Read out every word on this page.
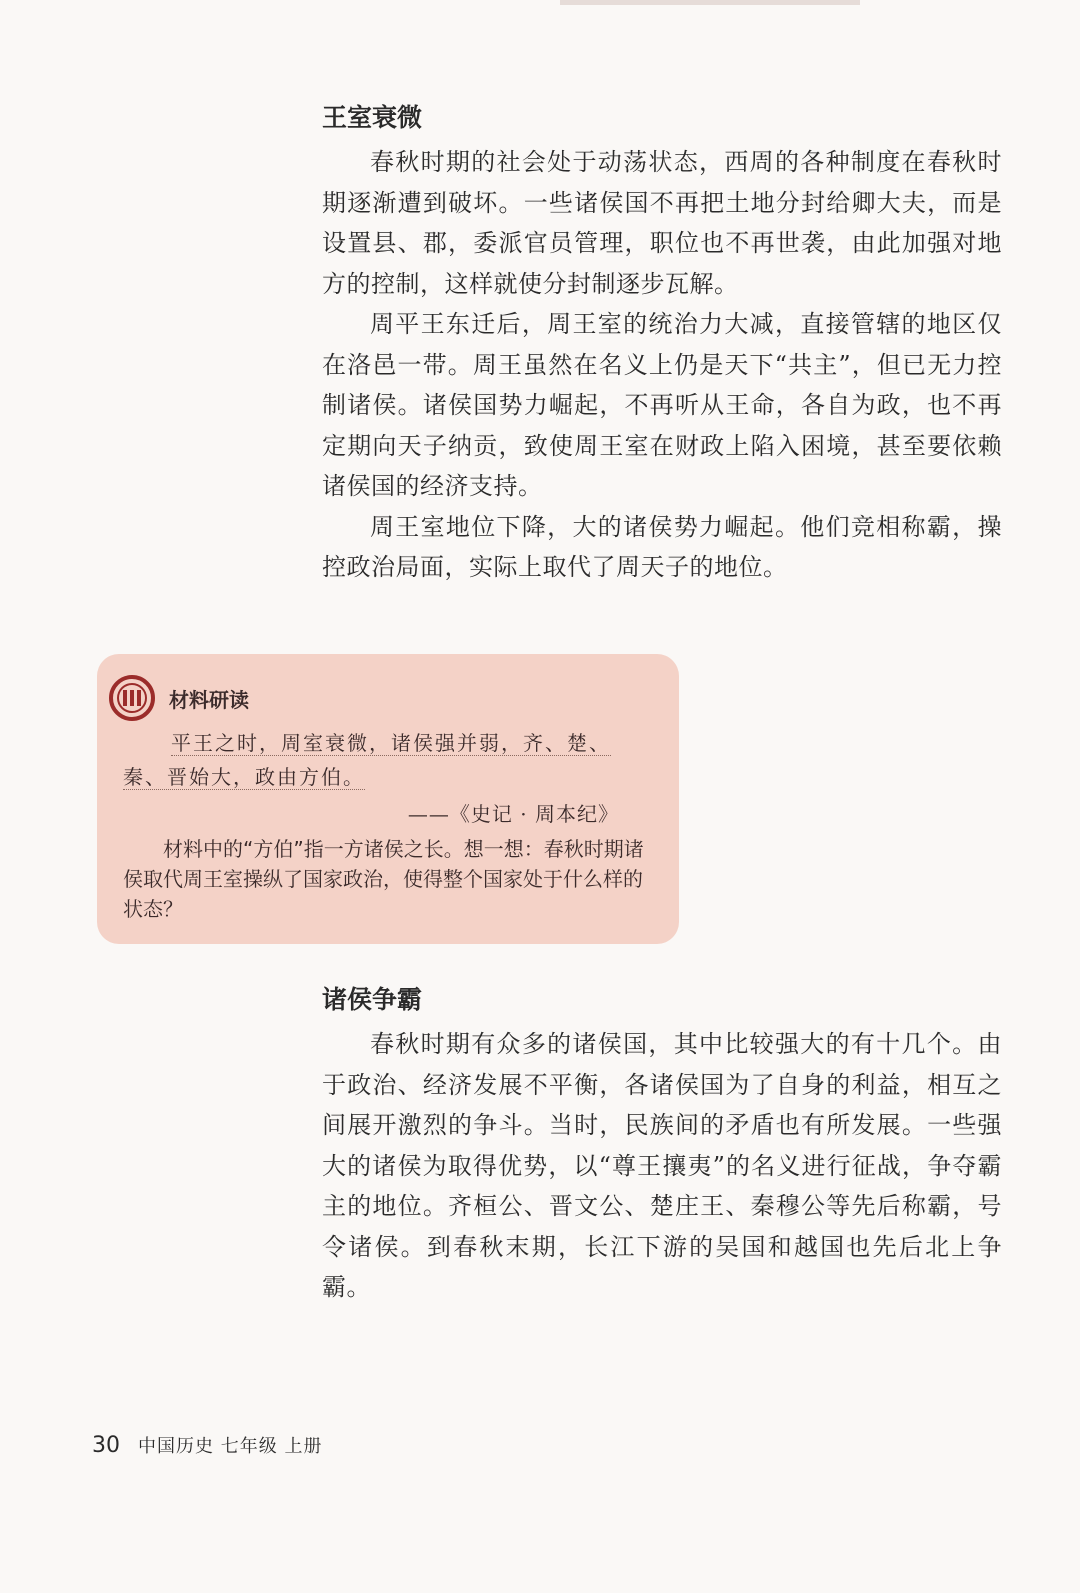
王室衰微

春秋时期的社会处于动荡状态，西周的各种制度在春秋时期逐渐遭到破坏。一些诸侯国不再把土地分封给卿大夫，而是设置县、郡，委派官员管理，职位也不再世袭，由此加强对地方的控制，这样就使分封制逐步瓦解。

周平王东迁后，周王室的统治力大减，直接管辖的地区仅在洛邑一带。周王虽然在名义上仍是天下“共主”，但已无力控制诸侯。诸侯国势力崛起，不再听从王命，各自为政，也不再定期向天子纳贡，致使周王室在财政上陷入困境，甚至要依赖诸侯国的经济支持。

周王室地位下降，大的诸侯势力崛起。他们竞相称霸，操控政治局面，实际上取代了周天子的地位。

材料研读

平王之时，周室衰微，诸侯强并弱，齐、楚、秦、晋始大，政由方伯。

——《史记 · 周本纪》

材料中的“方伯”指一方诸侯之长。想一想：春秋时期诸侯取代周王室操纵了国家政治，使得整个国家处于什么样的状态？

诸侯争霸

春秋时期有众多的诸侯国，其中比较强大的有十几个。由于政治、经济发展不平衡，各诸侯国为了自身的利益，相互之间展开激烈的争斗。当时，民族间的矛盾也有所发展。一些强大的诸侯为取得优势，以“尊王攘夷”的名义进行征战，争夺霸主的地位。齐桓公、晋文公、楚庄王、秦穆公等先后称霸，号令诸侯。到春秋末期，长江下游的吴国和越国也先后北上争霸。

30 中国历史 七年级 上册
